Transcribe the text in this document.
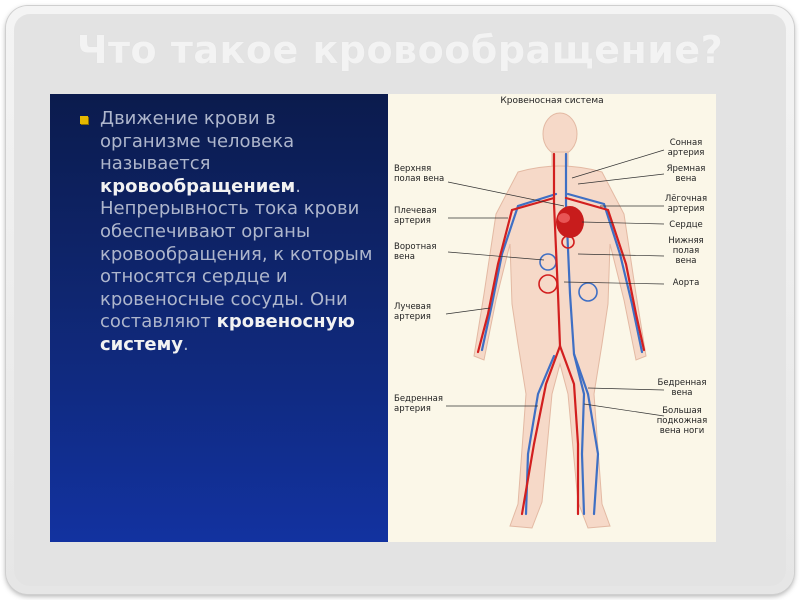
Что такое кровообращение?
Движение крови в организме человека называется кровообращением. Непрерывность тока крови обеспечивают органы кровообращения, к которым относятся сердце и кровеносные сосуды. Они составляют кровеносную систему.
Кровеносная система
Верхняя
полая вена
Плечевая
артерия
Воротная
вена
Лучевая
артерия
Бедренная
артерия
Сонная
артерия
Яремная
вена
Лёгочная
артерия
Сердце
Нижняя
полая
вена
Аорта
Бедренная
вена
Большая
подкожная
вена ноги
